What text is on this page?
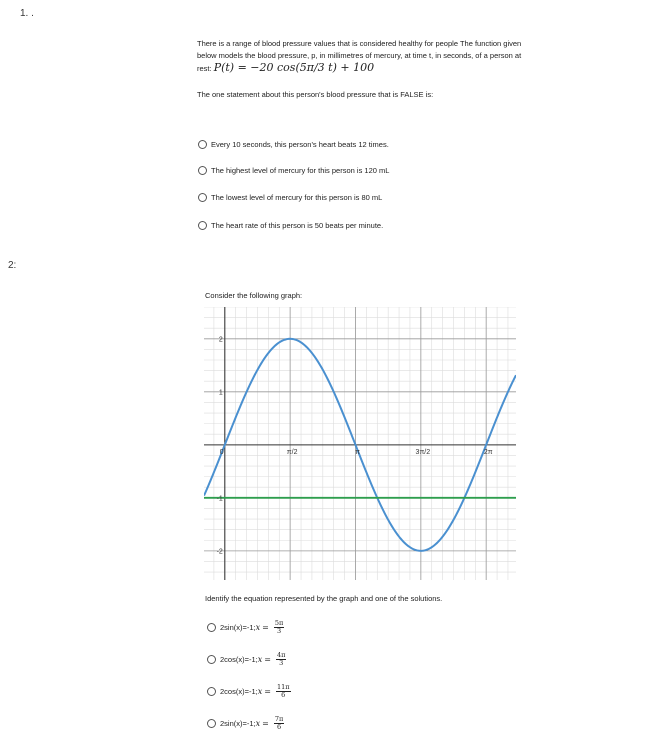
1. .
There is a range of blood pressure values that is considered healthy for people The function given below models the blood pressure, p, in millimetres of mercury, at time t, in seconds, of a person at rest: P(t) = −20 cos(5π/3 t) + 100
The one statement about this person's blood pressure that is FALSE is:
Every 10 seconds, this person's heart beats 12 times.
The highest level of mercury for this person is 120 mL
The lowest level of mercury for this person is 80 mL
The heart rate of this person is 50 beats per minute.
2:
Consider the following graph:
0	π/2	π	3π/2	2π
2
1
-1
-2
Identify the equation represented by the graph and one of the solutions.
2sin(x)=-1; $x = \frac{5\pi}{3}$
2cos(x)=-1; $x = \frac{4\pi}{3}$
2cos(x)=-1; $x = \frac{11\pi}{6}$
2sin(x)=-1; $x = \frac{7\pi}{6}$
